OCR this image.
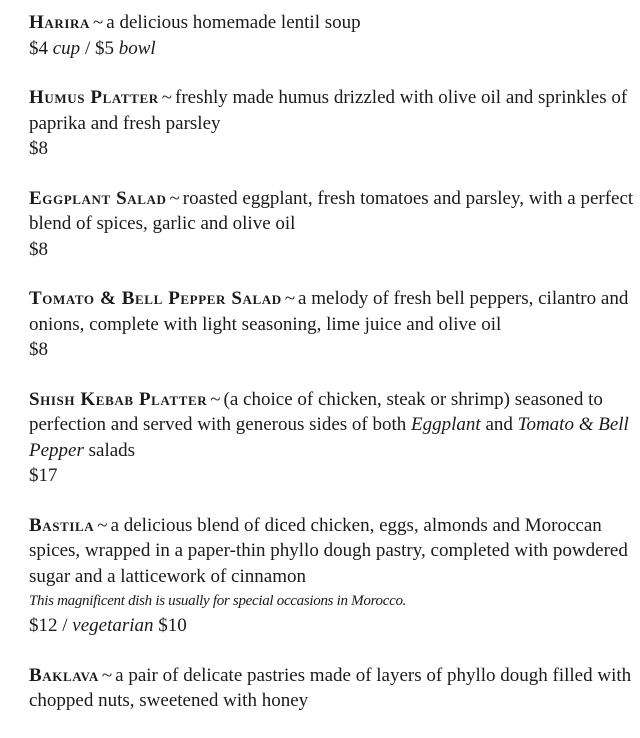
Harira ~ a delicious homemade lentil soup
$4 cup / $5 bowl
Humus Platter ~ freshly made humus drizzled with olive oil and sprinkles of paprika and fresh parsley
$8
Eggplant Salad ~ roasted eggplant, fresh tomatoes and parsley, with a perfect blend of spices, garlic and olive oil
$8
Tomato & Bell Pepper Salad ~ a melody of fresh bell peppers, cilantro and onions, complete with light seasoning, lime juice and olive oil
$8
Shish Kebab Platter ~ (a choice of chicken, steak or shrimp) seasoned to perfection and served with generous sides of both Eggplant and Tomato & Bell Pepper salads
$17
Bastila ~ a delicious blend of diced chicken, eggs, almonds and Moroccan spices, wrapped in a paper-thin phyllo dough pastry, completed with powdered sugar and a latticework of cinnamon
This magnificent dish is usually for special occasions in Morocco.
$12 / vegetarian $10
Baklava ~ a pair of delicate pastries made of layers of phyllo dough filled with chopped nuts, sweetened with honey
